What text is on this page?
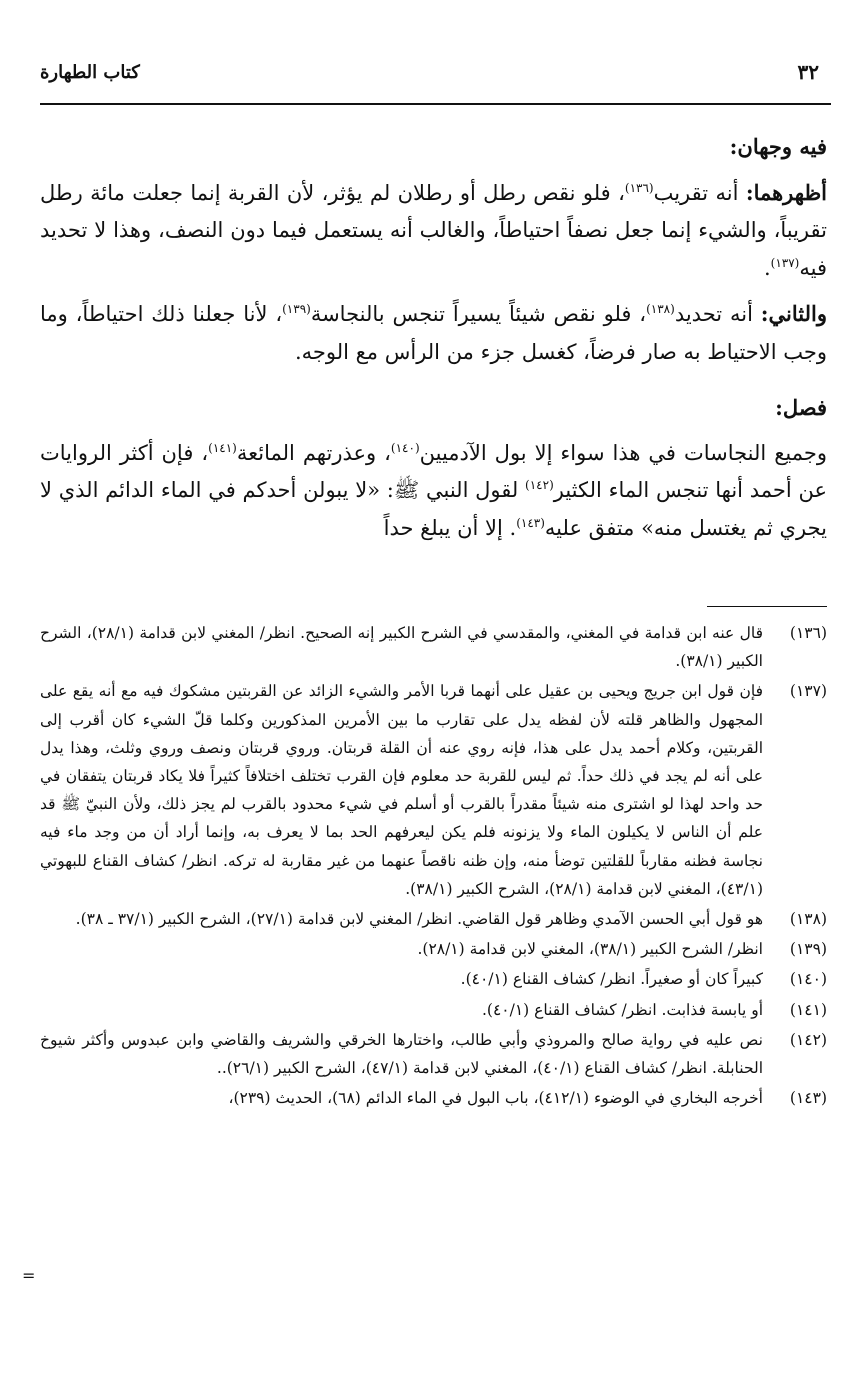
كتاب الطهارة	٣٢

فيه وجهان:

أظهرهما: أنه تقريب$^{(١٣٦)}$، فلو نقص رطل أو رطلان لم يؤثر، لأن القربة إنما جعلت مائة رطل تقريباً، والشيء إنما جعل نصفاً احتياطاً، والغالب أنه يستعمل فيما دون النصف، وهذا لا تحديد فيه$^{(١٣٧)}$.

والثاني: أنه تحديد$^{(١٣٨)}$، فلو نقص شيئاً يسيراً تنجس بالنجاسة$^{(١٣٩)}$، لأنا جعلنا ذلك احتياطاً، وما وجب الاحتياط به صار فرضاً، كغسل جزء من الرأس مع الوجه.

فصل:

وجميع النجاسات في هذا سواء إلا بول الآدميين$^{(١٤٠)}$، وعذرتهم المائعة$^{(١٤١)}$، فإن أكثر الروايات عن أحمد أنها تنجس الماء الكثير$^{(١٤٢)}$ لقول النبي ﷺ: «لا يبولن أحدكم في الماء الدائم الذي لا يجري ثم يغتسل منه» متفق عليه$^{(١٤٣)}$. إلا أن يبلغ حداً

(١٣٦)
قال عنه ابن قدامة في المغني، والمقدسي في الشرح الكبير إنه الصحيح. انظر/ المغني لابن قدامة (٢٨/١)، الشرح الكبير (٣٨/١).
(١٣٧)
فإن قول ابن جريج ويحيى بن عقيل على أنهما قربا الأمر والشيء الزائد عن القربتين مشكوك فيه مع أنه يقع على المجهول والظاهر قلته لأن لفظه يدل على تقارب ما بين الأمرين المذكورين وكلما قلّ الشيء كان أقرب إلى القربتين، وكلام أحمد يدل على هذا، فإنه روي عنه أن القلة قربتان. وروي قربتان ونصف وروي وثلث، وهذا يدل على أنه لم يجد في ذلك حداً. ثم ليس للقربة حد معلوم فإن القرب تختلف اختلافاً كثيراً فلا يكاد قربتان يتفقان في حد واحد لهذا لو اشترى منه شيئاً مقدراً بالقرب أو أسلم في شيء محدود بالقرب لم يجز ذلك، ولأن النبيّ ﷺ قد علم أن الناس لا يكيلون الماء ولا يزنونه فلم يكن ليعرفهم الحد بما لا يعرف به، وإنما أراد أن من وجد ماء فيه نجاسة فظنه مقارباً للقلتين توضأ منه، وإن ظنه ناقصاً عنهما من غير مقاربة له تركه. انظر/ كشاف القناع للبهوتي (٤٣/١)، المغني لابن قدامة (٢٨/١)، الشرح الكبير (٣٨/١).
(١٣٨)
هو قول أبي الحسن الآمدي وظاهر قول القاضي. انظر/ المغني لابن قدامة (٢٧/١)، الشرح الكبير (٣٧/١ ـ ٣٨).
(١٣٩)
انظر/ الشرح الكبير (٣٨/١)، المغني لابن قدامة (٢٨/١).
(١٤٠)
كبيراً كان أو صغيراً. انظر/ كشاف القناع (٤٠/١).
(١٤١)
أو يابسة فذابت. انظر/ كشاف القناع (٤٠/١).
(١٤٢)
نص عليه في رواية صالح والمروذي وأبي طالب، واختارها الخرقي والشريف والقاضي وابن عبدوس وأكثر شيوخ الحنابلة. انظر/ كشاف القناع (٤٠/١)، المغني لابن قدامة (٤٧/١)، الشرح الكبير (٢٦/١)..
(١٤٣)
أخرجه البخاري في الوضوء (٤١٢/١)، باب البول في الماء الدائم (٦٨)، الحديث (٢٣٩)،
=
